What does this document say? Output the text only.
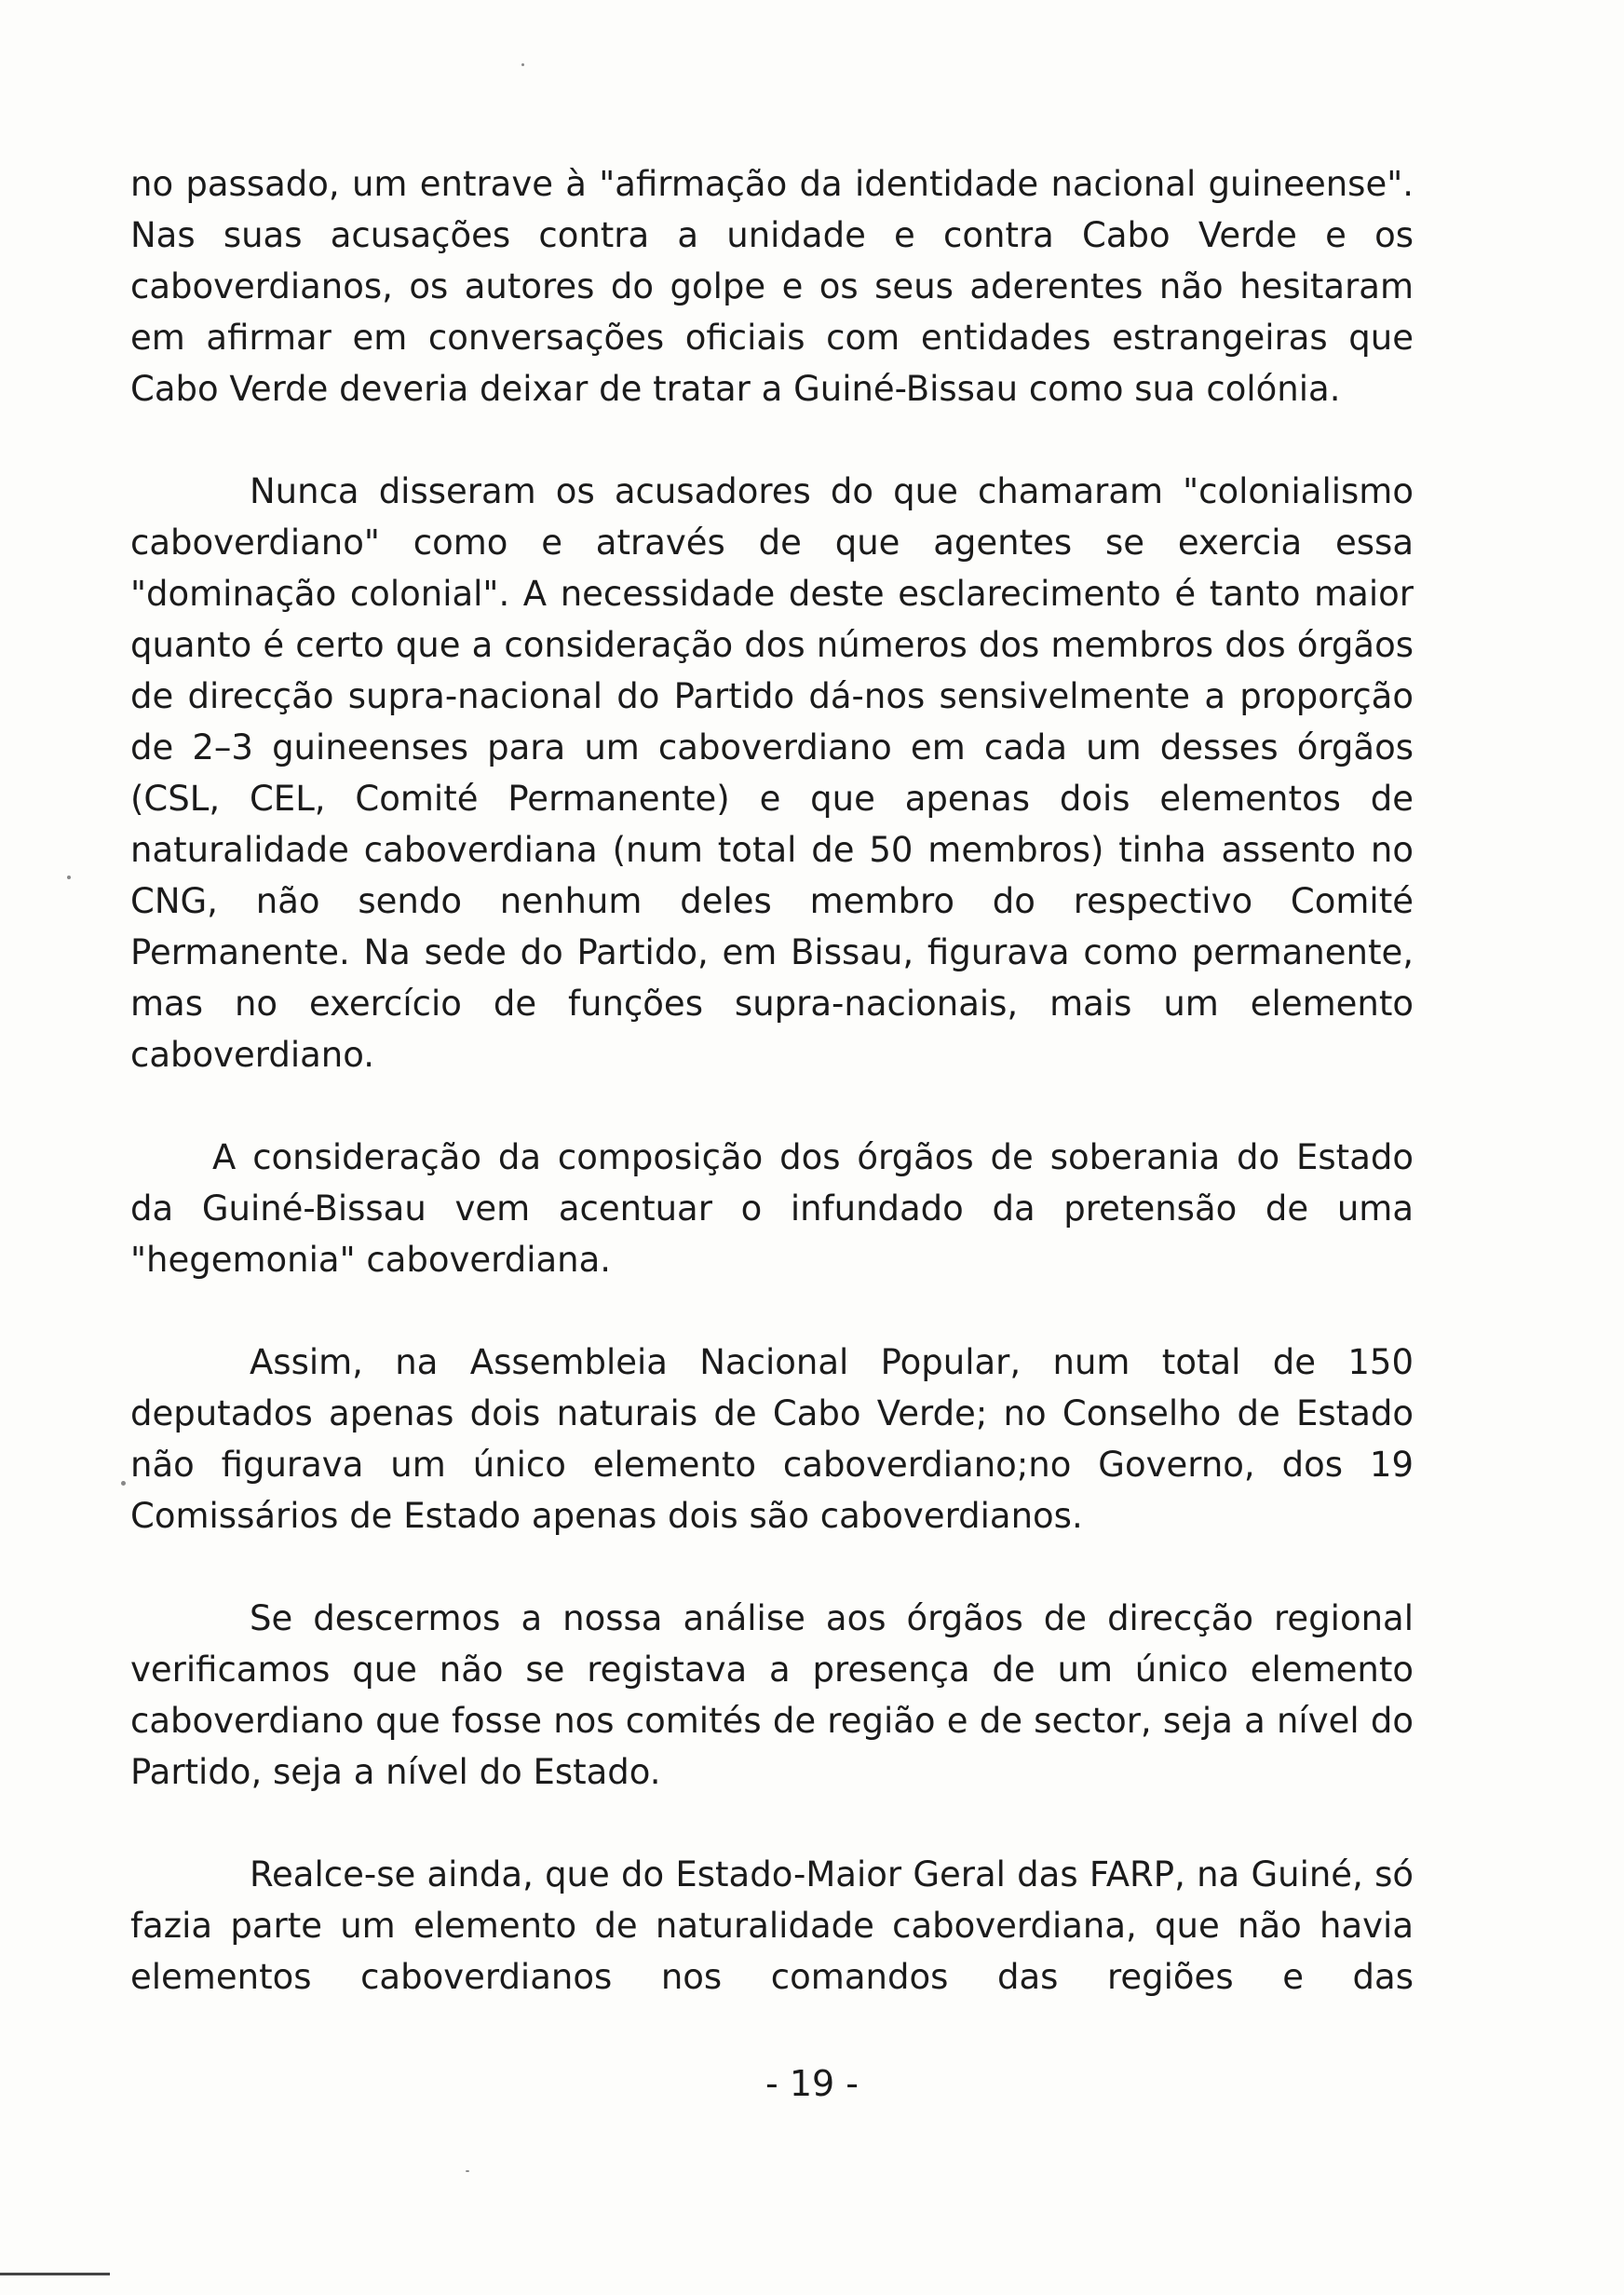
no passado, um entrave à "afirmação da identidade nacional guineense". Nas suas acusações contra a unidade e contra Cabo Verde e os caboverdianos, os autores do golpe e os seus aderentes não hesitaram em afirmar em conversações oficiais com entidades estrangeiras que Cabo Verde deveria deixar de tratar a Guiné-Bissau como sua colónia.

Nunca disseram os acusadores do que chamaram "colonialismo caboverdiano" como e através de que agentes se exercia essa "dominação colonial". A necessidade deste esclarecimento é tanto maior quanto é certo que a consideração dos números dos membros dos órgãos de direcção supra-nacional do Partido dá-nos sensivelmente a proporção de 2–3 guineenses para um caboverdiano em cada um desses órgãos (CSL, CEL, Comité Permanente) e que apenas dois elementos de naturalidade caboverdiana (num total de 50 membros) tinha assento no CNG, não sendo nenhum deles membro do respectivo Comité Permanente. Na sede do Partido, em Bissau, figurava como permanente, mas no exercício de funções supra-nacionais, mais um elemento caboverdiano.

A consideração da composição dos órgãos de soberania do Estado da Guiné-Bissau vem acentuar o infundado da pretensão de uma "hegemonia" caboverdiana.

Assim, na Assembleia Nacional Popular, num total de 150 deputados apenas dois naturais de Cabo Verde; no Conselho de Estado não figurava um único elemento caboverdiano;no Governo, dos 19 Comissários de Estado apenas dois são caboverdianos.

Se descermos a nossa análise aos órgãos de direcção regional verificamos que não se registava a presença de um único elemento caboverdiano que fosse nos comités de região e de sector, seja a nível do Partido, seja a nível do Estado.

Realce-se ainda, que do Estado-Maior Geral das FARP, na Guiné, só fazia parte um elemento de naturalidade caboverdiana, que não havia elementos caboverdianos nos comandos das regiões e das

- 19 -
